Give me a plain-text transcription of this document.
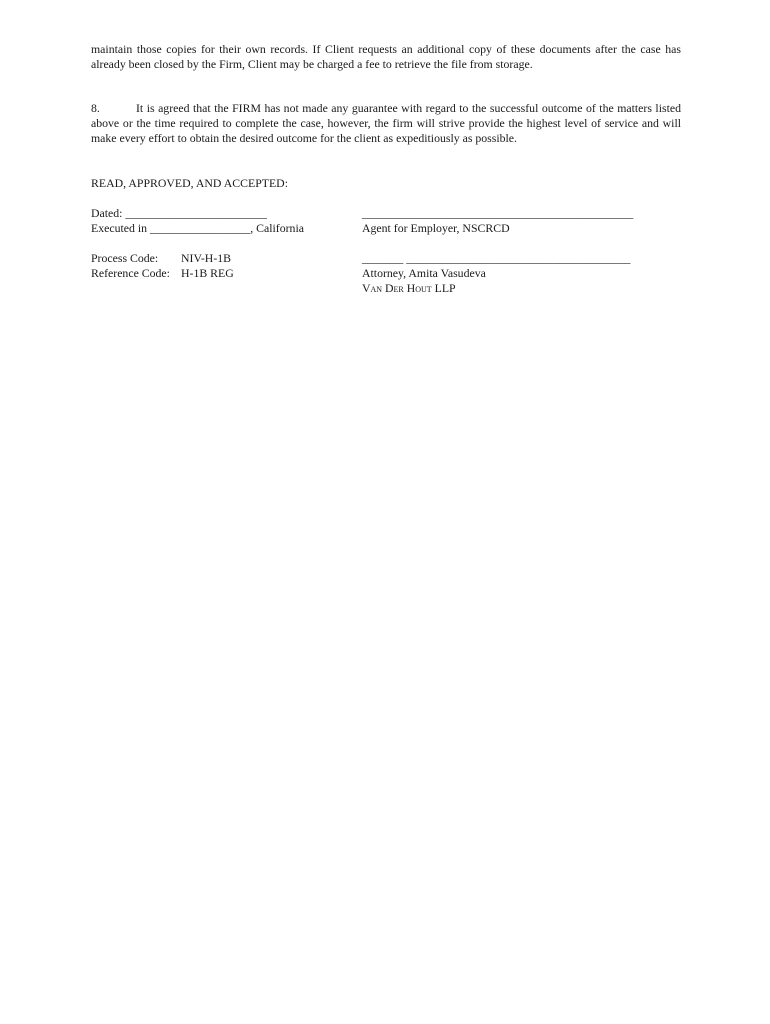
maintain those copies for their own records. If Client requests an additional copy of these documents after the case has already been closed by the Firm, Client may be charged a fee to retrieve the file from storage.

8.	It is agreed that the FIRM has not made any guarantee with regard to the successful outcome of the matters listed above or the time required to complete the case, however, the firm will strive provide the highest level of service and will make every effort to obtain the desired outcome for the client as expeditiously as possible.

READ, APPROVED, AND ACCEPTED:
Dated: ________________________
Executed in _________________, California
Process Code: NIV-H-1B
Reference Code: H-1B REG
______________________________________________
Agent for Employer, NSCRCD
_______ ______________________________________
Attorney, Amita Vasudeva
Van Der Hout LLP
